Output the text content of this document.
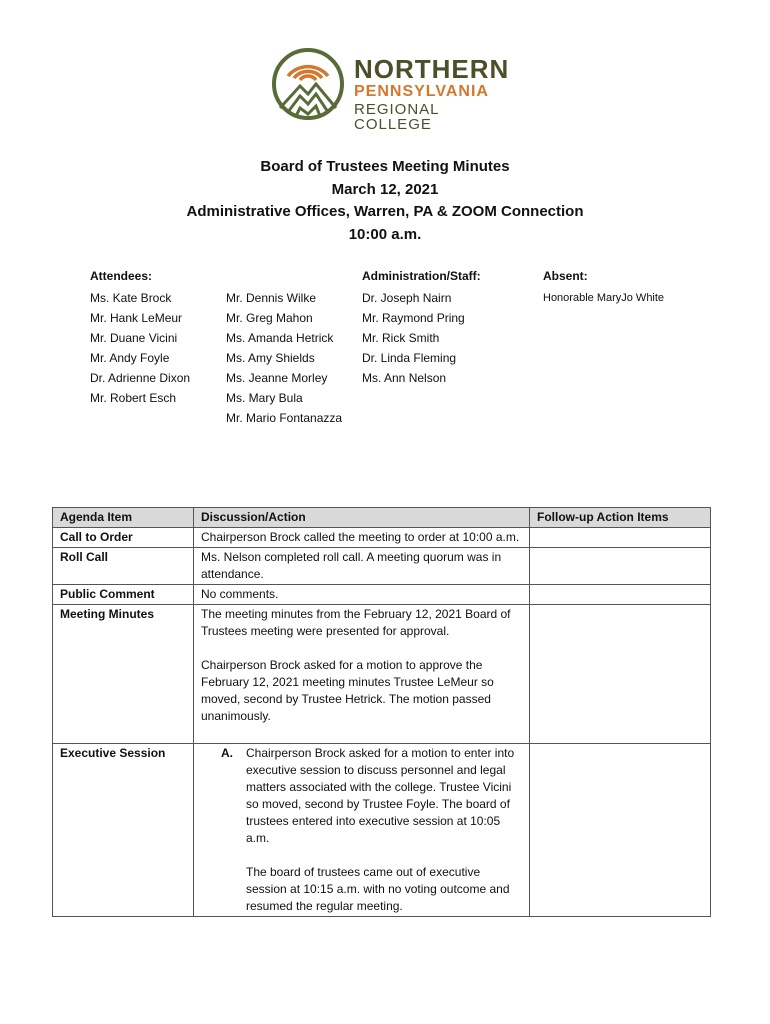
NORTHERN
PENNSYLVANIA
REGIONAL COLLEGE
Board of Trustees Meeting Minutes
March 12, 2021
Administrative Offices, Warren, PA & ZOOM Connection
10:00 a.m.
Attendees:
Ms. Kate Brock
Mr. Hank LeMeur
Mr. Duane Vicini
Mr. Andy Foyle
Dr. Adrienne Dixon
Mr. Robert Esch
Mr. Dennis Wilke
Mr. Greg Mahon
Ms. Amanda Hetrick
Ms. Amy Shields
Ms. Jeanne Morley
Ms. Mary Bula
Mr. Mario Fontanazza
Administration/Staff:
Dr. Joseph Nairn
Mr. Raymond Pring
Mr. Rick Smith
Dr. Linda Fleming
Ms. Ann Nelson
Absent:
Honorable MaryJo White
Agenda Item	Discussion/Action	Follow-up Action Items
Call to Order	Chairperson Brock called the meeting to order at 10:00 a.m.	

Roll Call	Ms. Nelson completed roll call. A meeting quorum was in attendance.	

Public Comment	No comments.	

Meeting Minutes	The meeting minutes from the February 12, 2021 Board of Trustees meeting were presented for approval.

Chairperson Brock asked for a motion to approve the February 12, 2021 meeting minutes Trustee LeMeur so moved, second by Trustee Hetrick. The motion passed unanimously.	

Executive Session	A. Chairperson Brock asked for a motion to enter into executive session to discuss personnel and legal matters associated with the college. Trustee Vicini so moved, second by Trustee Foyle. The board of trustees entered into executive session at 10:05 a.m.

The board of trustees came out of executive session at 10:15 a.m. with no voting outcome and resumed the regular meeting.	
